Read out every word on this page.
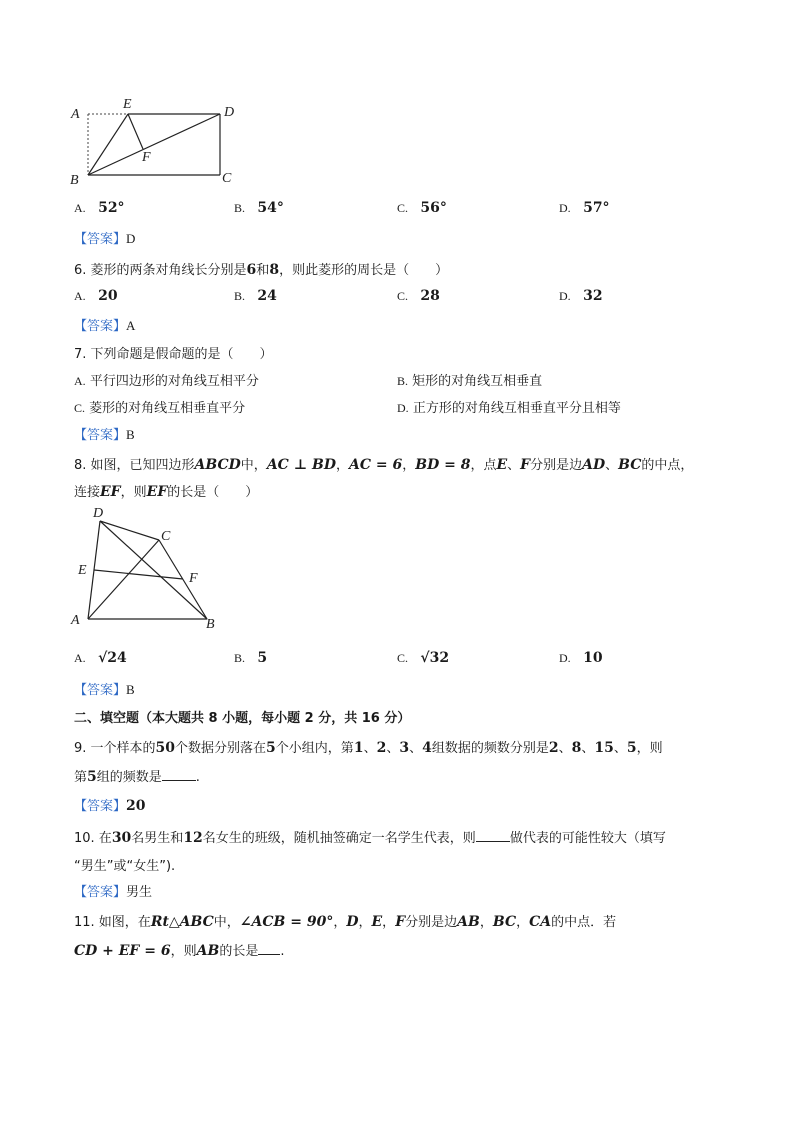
A
E
D
F
B	C
A. 52°	B. 54°	C. 56°	D. 57°
【答案】D
6. 菱形的两条对角线长分别是6和8，则此菱形的周长是（　　）
A. 20	B. 24	C. 28	D. 32
【答案】A
7. 下列命题是假命题的是（　　）
A. 平行四边形的对角线互相平分	B. 矩形的对角线互相垂直
C. 菱形的对角线互相垂直平分	D. 正方形的对角线互相垂直平分且相等
【答案】B
8. 如图，已知四边形ABCD中，AC ⊥ BD，AC = 6，BD = 8，点E、F分别是边AD、BC的中点，
连接EF，则EF的长是（　　）
D
C
E
F
A	B
A. √24	B. 5	C. √32	D. 10
【答案】B
二、填空题（本大题共 8 小题，每小题 2 分，共 16 分）
9. 一个样本的50个数据分别落在5个小组内，第1、2、3、4组数据的频数分别是2、8、15、5，则
第5组的频数是	.
【答案】20
10. 在30名男生和12名女生的班级，随机抽签确定一名学生代表，则	做代表的可能性较大（填写
“男生”或“女生”).
【答案】男生
11. 如图，在Rt△ABC中，∠ACB = 90°，D，E，F分别是边AB，BC，CA的中点．若
CD + EF = 6，则AB的长是 .
